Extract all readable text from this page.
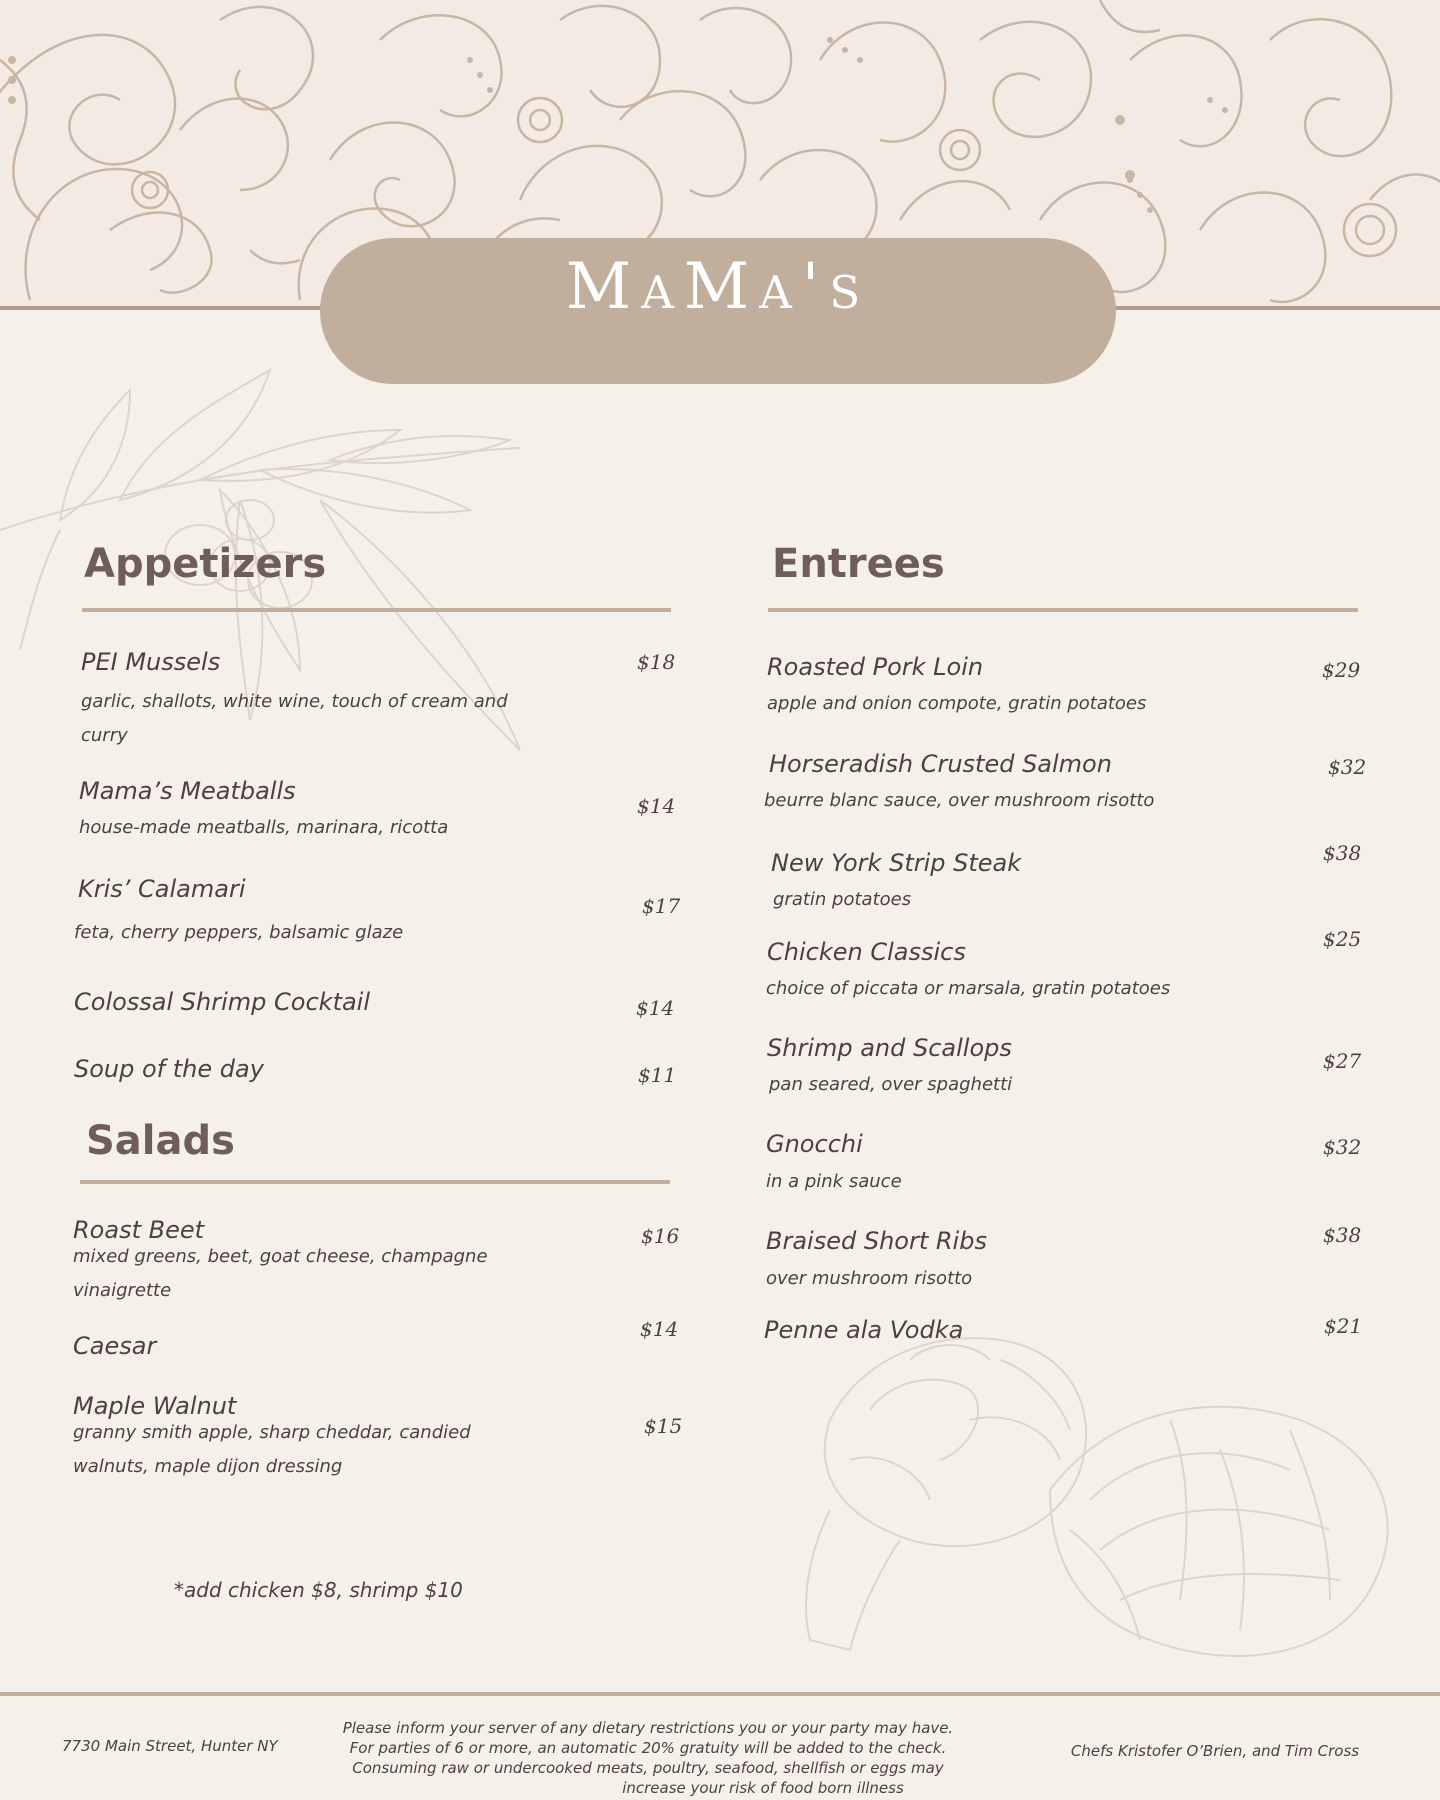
MaMa's
Appetizers
PEI Mussels
garlic, shallots, white wine, touch of cream and curry
$18
Mama’s Meatballs
house-made meatballs, marinara, ricotta
$14
Kris’ Calamari
feta, cherry peppers, balsamic glaze
$17
Colossal Shrimp Cocktail	$14
Soup of the day	$11
Salads
Roast Beet
mixed greens, beet, goat cheese, champagne vinaigrette
$16
Caesar
$14
Maple Walnut
granny smith apple, sharp cheddar, candied walnuts, maple dijon dressing
$15
*add chicken $8, shrimp $10
Entrees
Roasted Pork Loin
apple and onion compote, gratin potatoes
$29
Horseradish Crusted Salmon
beurre blanc sauce, over mushroom risotto
$32
New York Strip Steak
gratin potatoes
$38
Chicken Classics
choice of piccata or marsala, gratin potatoes
$25
Shrimp and Scallops
pan seared, over spaghetti
$27
Gnocchi
in a pink sauce
$32
Braised Short Ribs
over mushroom risotto
$38
Penne ala Vodka	$21
7730 Main Street, Hunter NY
Please inform your server of any dietary restrictions you or your party may have.
For parties of 6 or more, an automatic 20% gratuity will be added to the check.
Consuming raw or undercooked meats, poultry, seafood, shellfish or eggs may
increase your risk of food born illness
Chefs Kristofer O’Brien, and Tim Cross
